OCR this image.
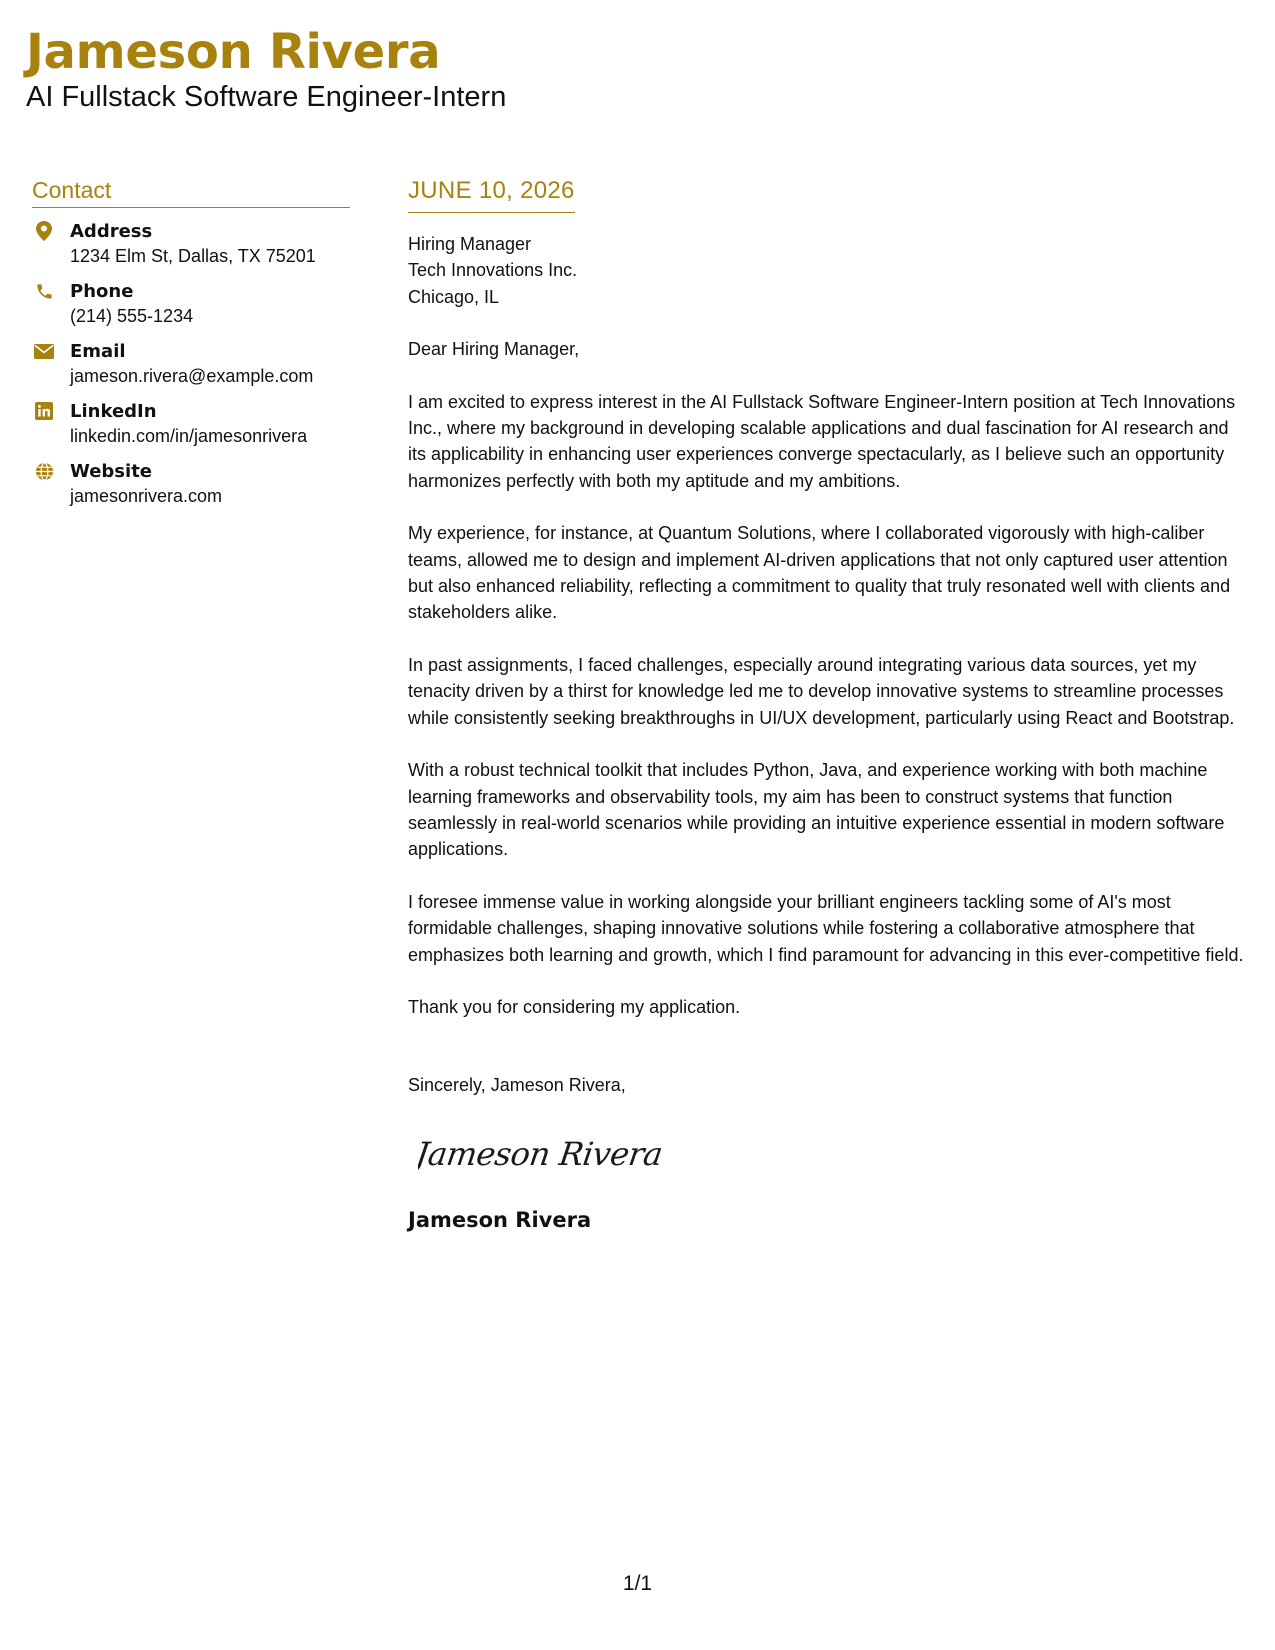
Jameson Rivera
AI Fullstack Software Engineer-Intern
Contact
Address
1234 Elm St, Dallas, TX 75201
Phone
(214) 555-1234
Email
jameson.rivera@example.com
LinkedIn
linkedin.com/in/jamesonrivera
Website
jamesonrivera.com
JUNE 10, 2026
Hiring Manager
Tech Innovations Inc.
Chicago, IL
Dear Hiring Manager,
I am excited to express interest in the AI Fullstack Software Engineer-Intern position at Tech Innovations Inc., where my background in developing scalable applications and dual fascination for AI research and its applicability in enhancing user experiences converge spectacularly, as I believe such an opportunity harmonizes perfectly with both my aptitude and my ambitions.
My experience, for instance, at Quantum Solutions, where I collaborated vigorously with high-caliber teams, allowed me to design and implement AI-driven applications that not only captured user attention but also enhanced reliability, reflecting a commitment to quality that truly resonated well with clients and stakeholders alike.
In past assignments, I faced challenges, especially around integrating various data sources, yet my tenacity driven by a thirst for knowledge led me to develop innovative systems to streamline processes while consistently seeking breakthroughs in UI/UX development, particularly using React and Bootstrap.
With a robust technical toolkit that includes Python, Java, and experience working with both machine learning frameworks and observability tools, my aim has been to construct systems that function seamlessly in real-world scenarios while providing an intuitive experience essential in modern software applications.
I foresee immense value in working alongside your brilliant engineers tackling some of AI's most formidable challenges, shaping innovative solutions while fostering a collaborative atmosphere that emphasizes both learning and growth, which I find paramount for advancing in this ever-competitive field.
Thank you for considering my application.
Sincerely, Jameson Rivera,
Jameson Rivera
Jameson Rivera
1/1
